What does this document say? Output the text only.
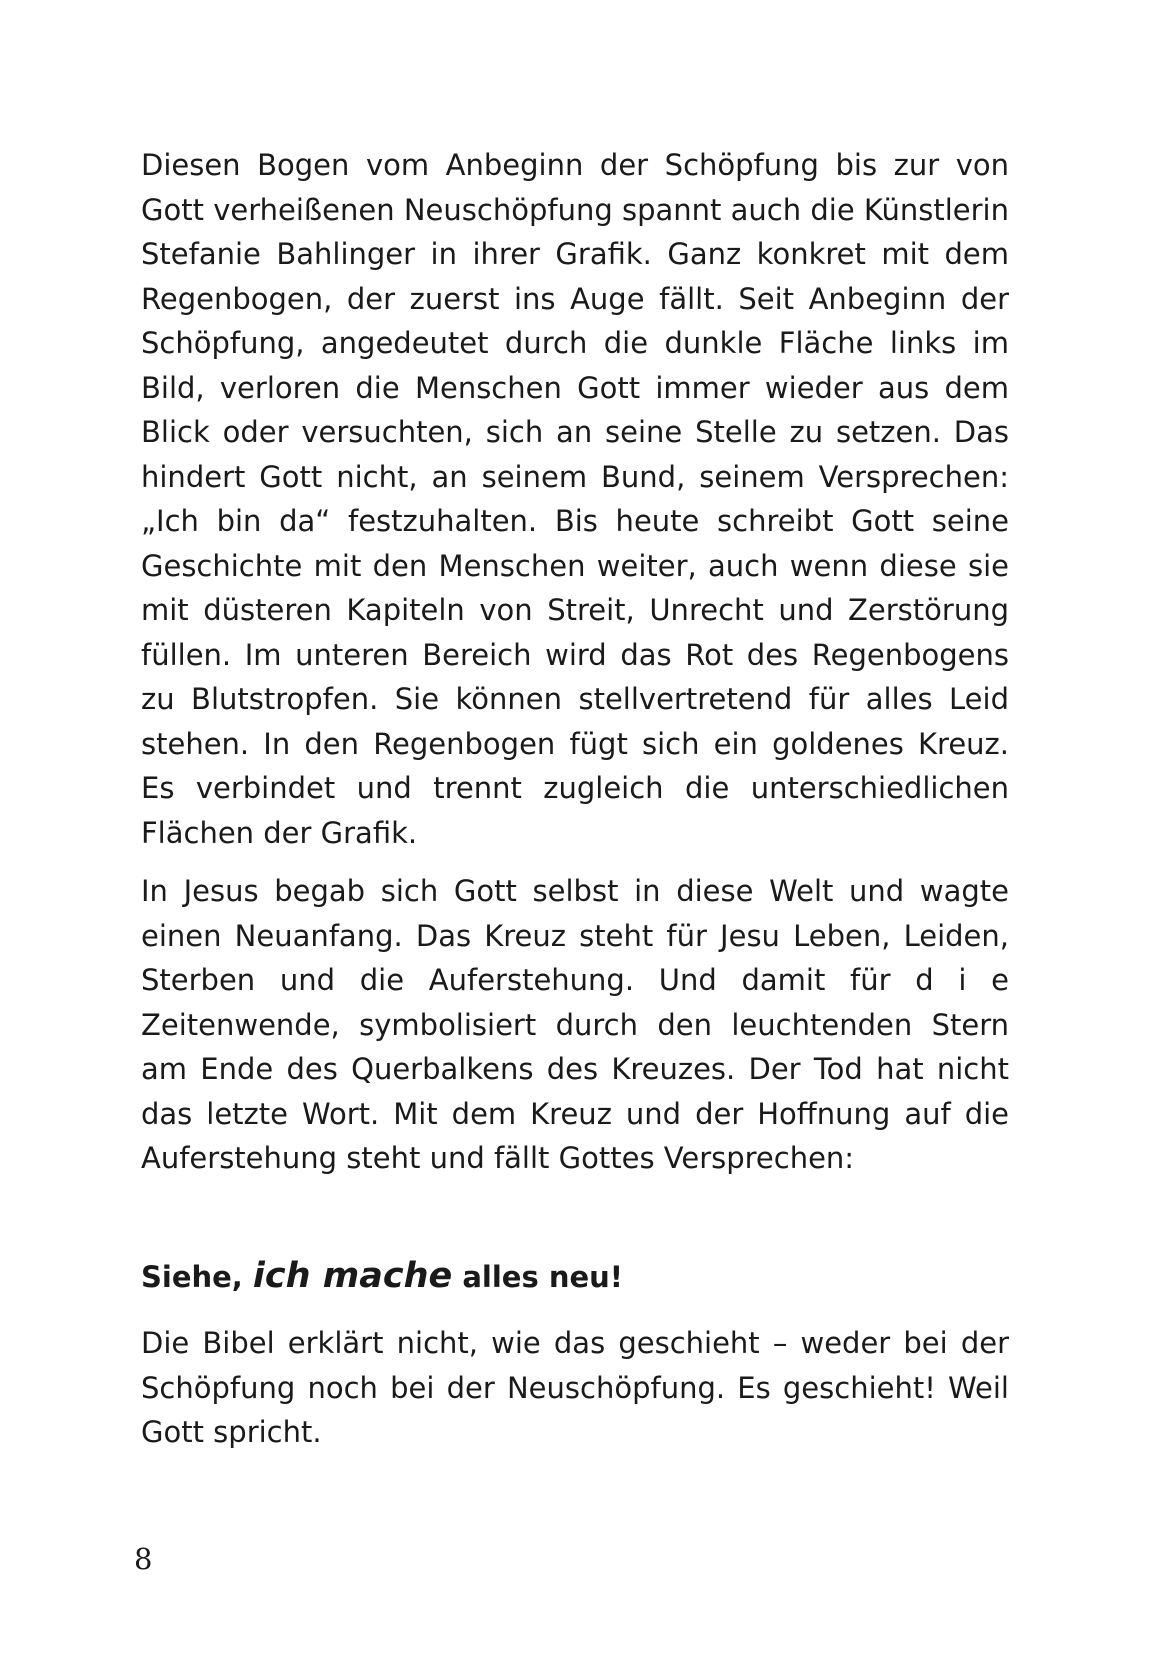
Diesen Bogen vom Anbeginn der Schöpfung bis zur von Gott verheißenen Neuschöpfung spannt auch die Künstlerin Stefanie Bahlinger in ihrer Grafik. Ganz konkret mit dem Regenbogen, der zuerst ins Auge fällt. Seit Anbeginn der Schöpfung, angedeutet durch die dunkle Fläche links im Bild, verloren die Menschen Gott immer wieder aus dem Blick oder versuchten, sich an seine Stelle zu setzen. Das hindert Gott nicht, an seinem Bund, seinem Versprechen: „Ich bin da“ festzuhalten. Bis heute schreibt Gott seine Geschichte mit den Menschen weiter, auch wenn diese sie mit düsteren Kapiteln von Streit, Unrecht und Zerstörung füllen. Im unteren Bereich wird das Rot des Regenbogens zu Blutstropfen. Sie können stellvertretend für alles Leid stehen. In den Regenbogen fügt sich ein goldenes Kreuz. Es verbindet und trennt zugleich die unterschiedlichen Flächen der Grafik.

In Jesus begab sich Gott selbst in diese Welt und wagte einen Neuanfang. Das Kreuz steht für Jesu Leben, Leiden, Sterben und die Auferstehung. Und damit für d i e Zeitenwende, symbolisiert durch den leuchtenden Stern am Ende des Querbalkens des Kreuzes. Der Tod hat nicht das letzte Wort. Mit dem Kreuz und der Hoffnung auf die Auferstehung steht und fällt Gottes Versprechen:

Siehe, ich mache alles neu!

Die Bibel erklärt nicht, wie das geschieht – weder bei der Schöpfung noch bei der Neuschöpfung. Es geschieht! Weil Gott spricht.

8
